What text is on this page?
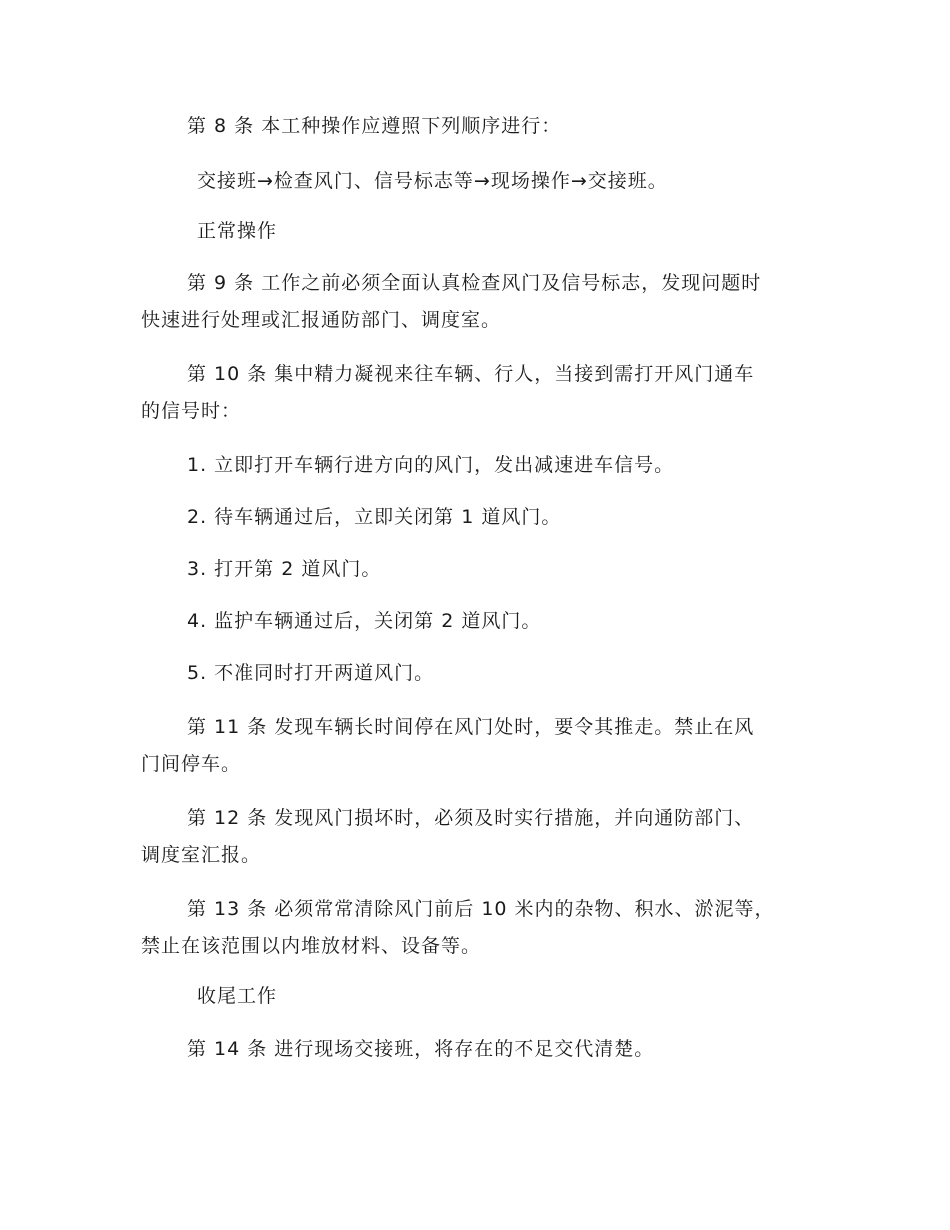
第 8 条 本工种操作应遵照下列顺序进行：
交接班→检查风门、信号标志等→现场操作→交接班。
正常操作
第 9 条 工作之前必须全面认真检查风门及信号标志，发现问题时
快速进行处理或汇报通防部门、调度室。
第 10 条 集中精力凝视来往车辆、行人，当接到需打开风门通车
的信号时：
1. 立即打开车辆行进方向的风门，发出减速进车信号。
2. 待车辆通过后，立即关闭第 1 道风门。
3. 打开第 2 道风门。
4. 监护车辆通过后，关闭第 2 道风门。
5. 不准同时打开两道风门。
第 11 条 发现车辆长时间停在风门处时，要令其推走。禁止在风
门间停车。
第 12 条 发现风门损坏时，必须及时实行措施，并向通防部门、
调度室汇报。
第 13 条 必须常常清除风门前后 10 米内的杂物、积水、淤泥等，
禁止在该范围以内堆放材料、设备等。
收尾工作
第 14 条 进行现场交接班，将存在的不足交代清楚。
